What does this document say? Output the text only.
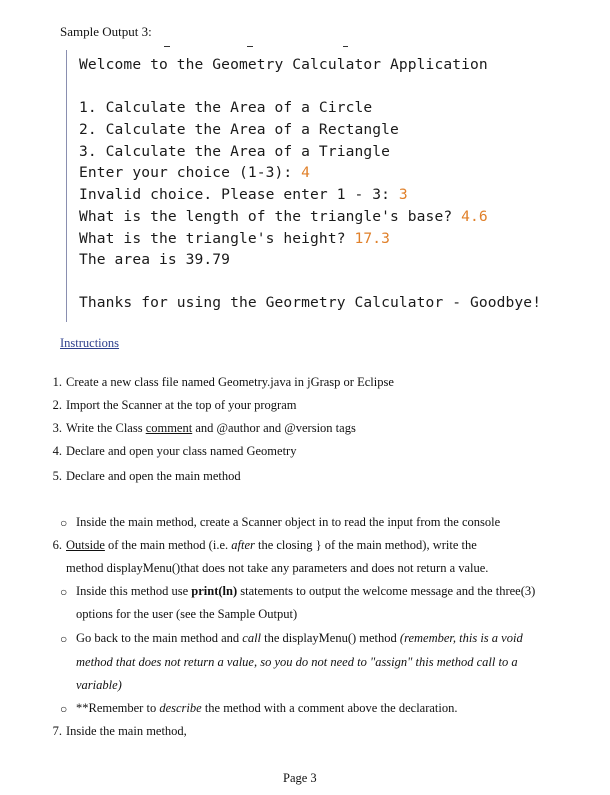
Sample Output 3:
Welcome to the Geometry Calculator Application
1. Calculate the Area of a Circle
2. Calculate the Area of a Rectangle
3. Calculate the Area of a Triangle
Enter your choice (1-3): 4
Invalid choice. Please enter 1 - 3: 3
What is the length of the triangle's base? 4.6
What is the triangle's height? 17.3
The area is 39.79
Thanks for using the Geormetry Calculator - Goodbye!
Instructions
1. Create a new class file named Geometry.java in jGrasp or Eclipse
2. Import the Scanner at the top of your program
3. Write the Class comment and @author and @version tags
4. Declare and open your class named Geometry
5. Declare and open the main method
○ Inside the main method, create a Scanner object in to read the input from the console
6. Outside of the main method (i.e. after the closing } of the main method), write the
method displayMenu()that does not take any parameters and does not return a value.
○ Inside this method use print(ln) statements to output the welcome message and the three(3)
options for the user (see the Sample Output)
○ Go back to the main method and call the displayMenu() method (remember, this is a void
method that does not return a value, so you do not need to "assign" this method call to a
variable)
○ **Remember to describe the method with a comment above the declaration.
7. Inside the main method,
Page 3
